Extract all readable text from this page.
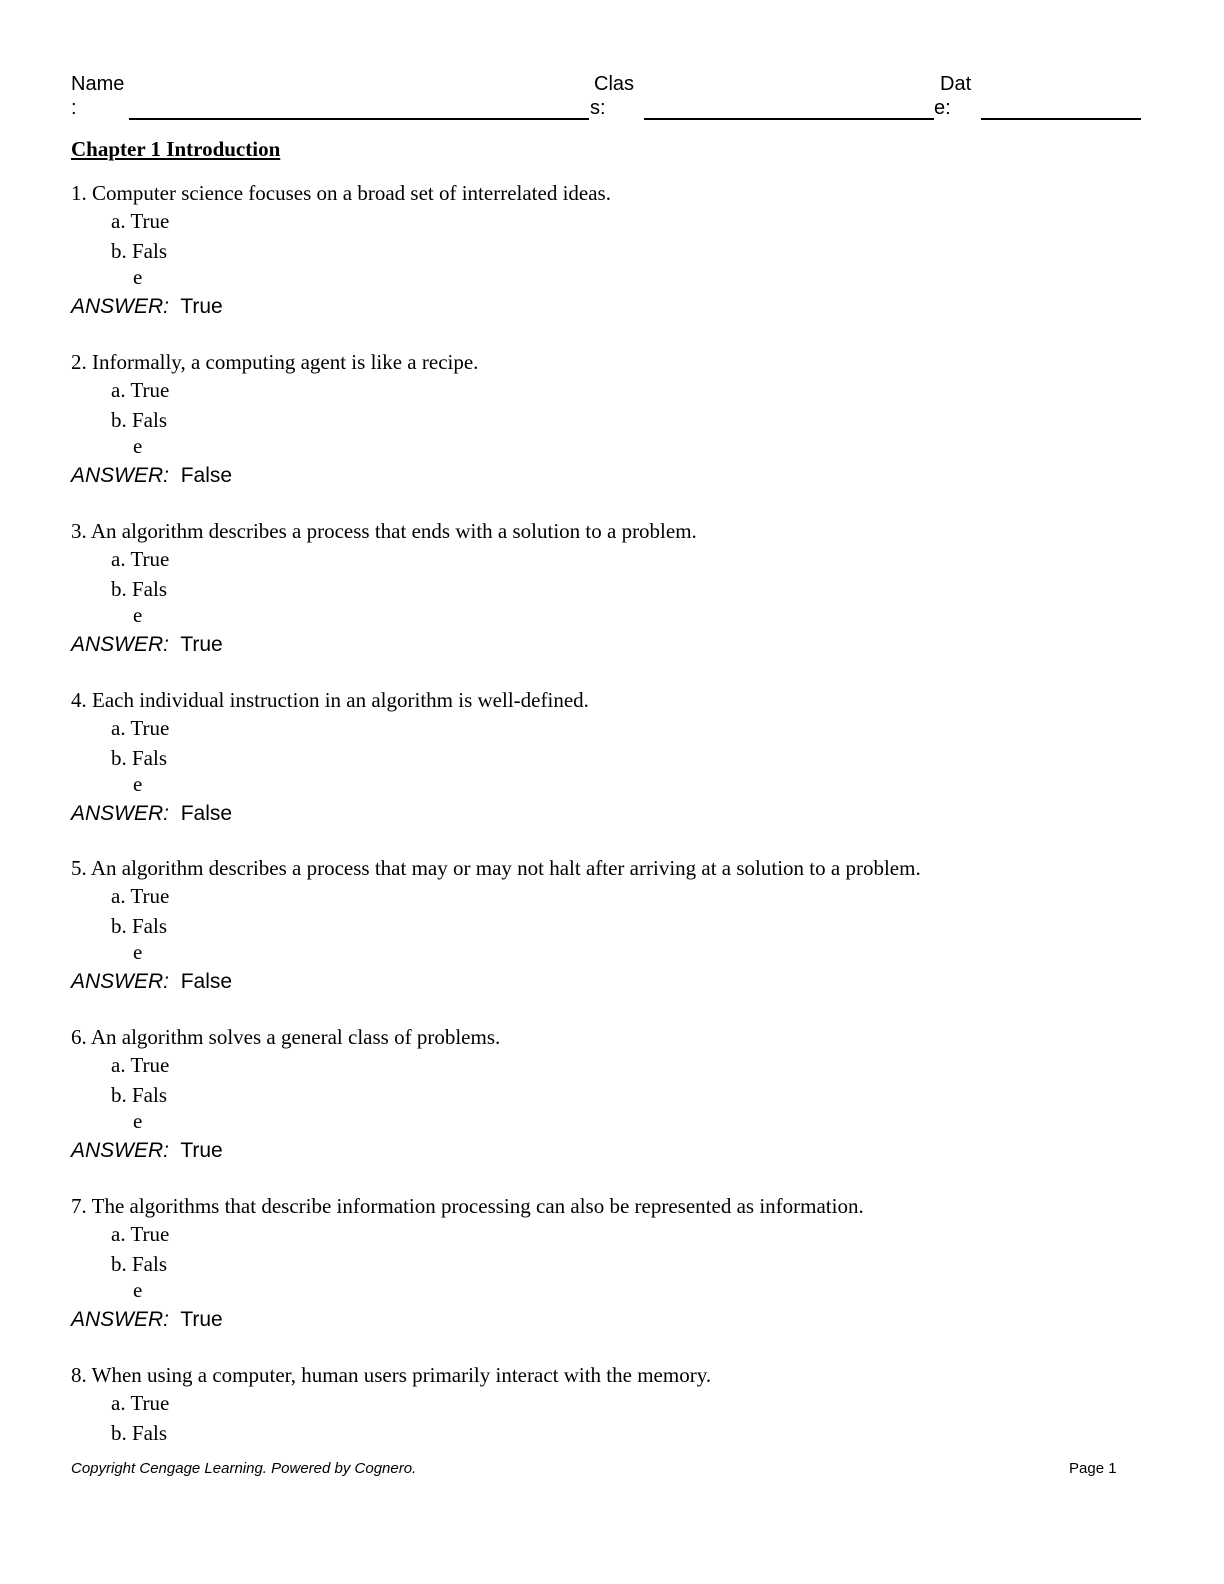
Name
:
Clas
s:
Dat
e:
Chapter 1 Introduction
1. Computer science focuses on a broad set of interrelated ideas.
a. True
b. Fals
e
ANSWER: True
2. Informally, a computing agent is like a recipe.
a. True
b. Fals
e
ANSWER: False
3. An algorithm describes a process that ends with a solution to a problem.
a. True
b. Fals
e
ANSWER: True
4. Each individual instruction in an algorithm is well-defined.
a. True
b. Fals
e
ANSWER: False
5. An algorithm describes a process that may or may not halt after arriving at a solution to a problem.
a. True
b. Fals
e
ANSWER: False
6. An algorithm solves a general class of problems.
a. True
b. Fals
e
ANSWER: True
7. The algorithms that describe information processing can also be represented as information.
a. True
b. Fals
e
ANSWER: True
8. When using a computer, human users primarily interact with the memory.
a. True
b. Fals
Copyright Cengage Learning. Powered by Cognero.	Page 1
